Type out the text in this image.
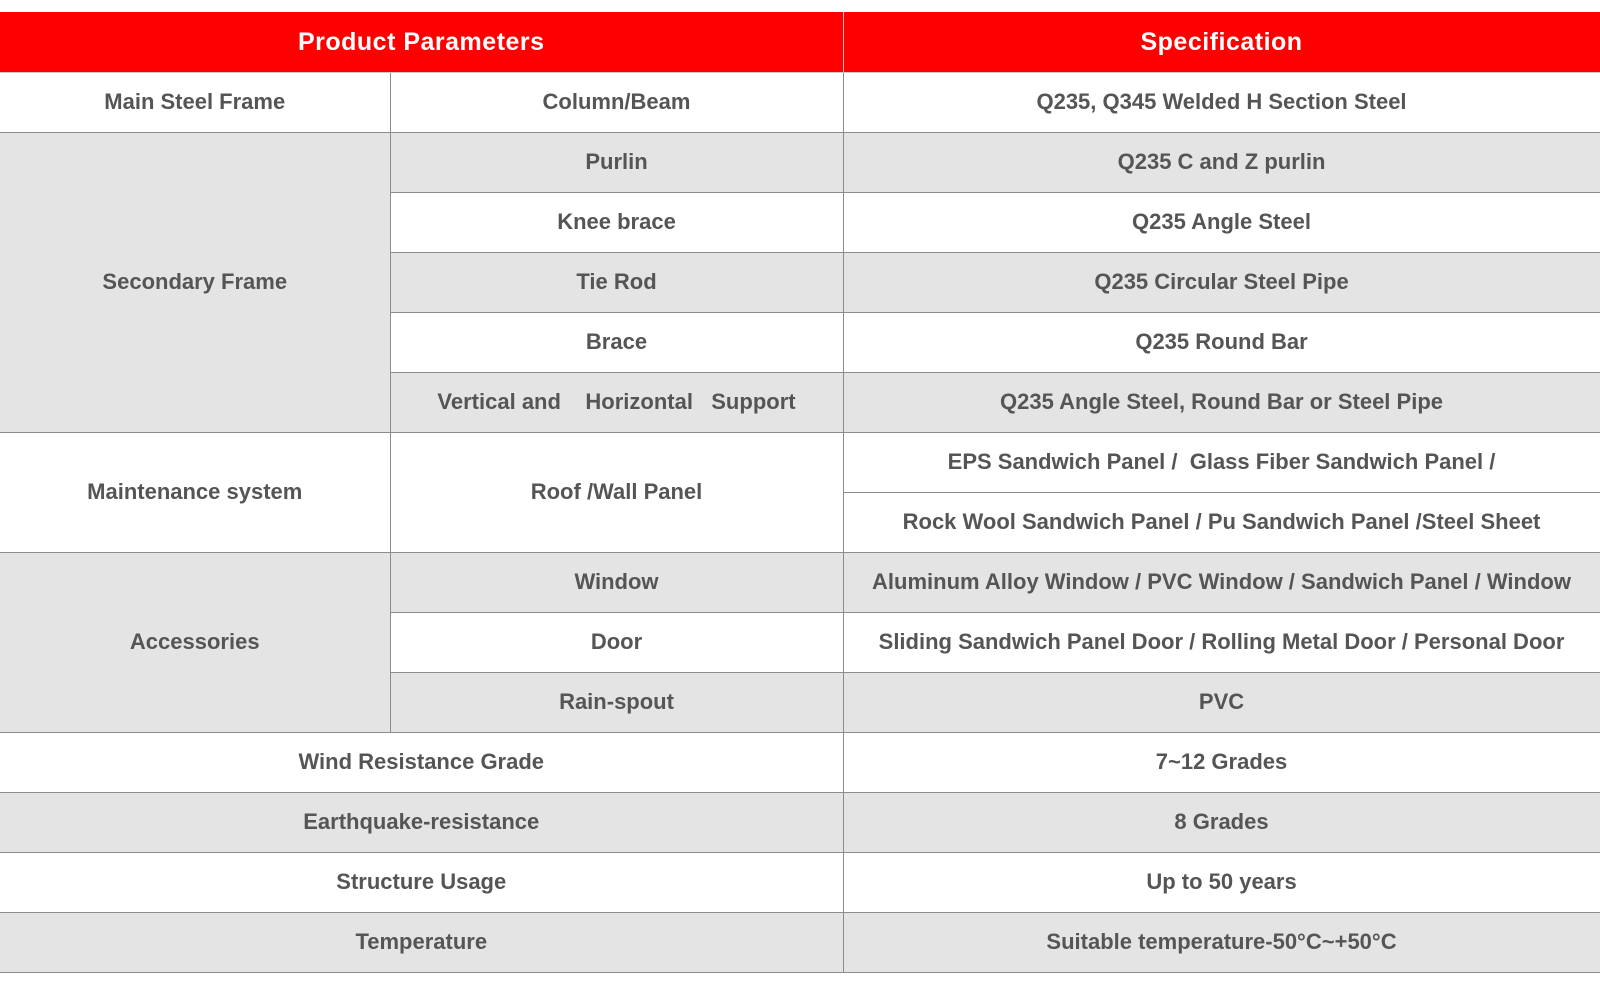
Product Parameters		Specification
Main Steel Frame	Column/Beam	Q235, Q345 Welded H Section Steel
Secondary Frame	Purlin	Q235 C and Z purlin
	Knee brace	Q235 Angle Steel
	Tie Rod	Q235 Circular Steel Pipe
	Brace	Q235 Round Bar
	Vertical and    Horizontal   Support	Q235 Angle Steel, Round Bar or Steel Pipe
Maintenance system	Roof /Wall Panel	EPS Sandwich Panel /  Glass Fiber Sandwich Panel /
		Rock Wool Sandwich Panel / Pu Sandwich Panel /Steel Sheet
Accessories	Window	Aluminum Alloy Window / PVC Window / Sandwich Panel / Window
	Door	Sliding Sandwich Panel Door / Rolling Metal Door / Personal Door
	Rain-spout	PVC
Wind Resistance Grade		7~12 Grades
Earthquake-resistance		8 Grades
Structure Usage		Up to 50 years
Temperature		Suitable temperature-50°C~+50°C
